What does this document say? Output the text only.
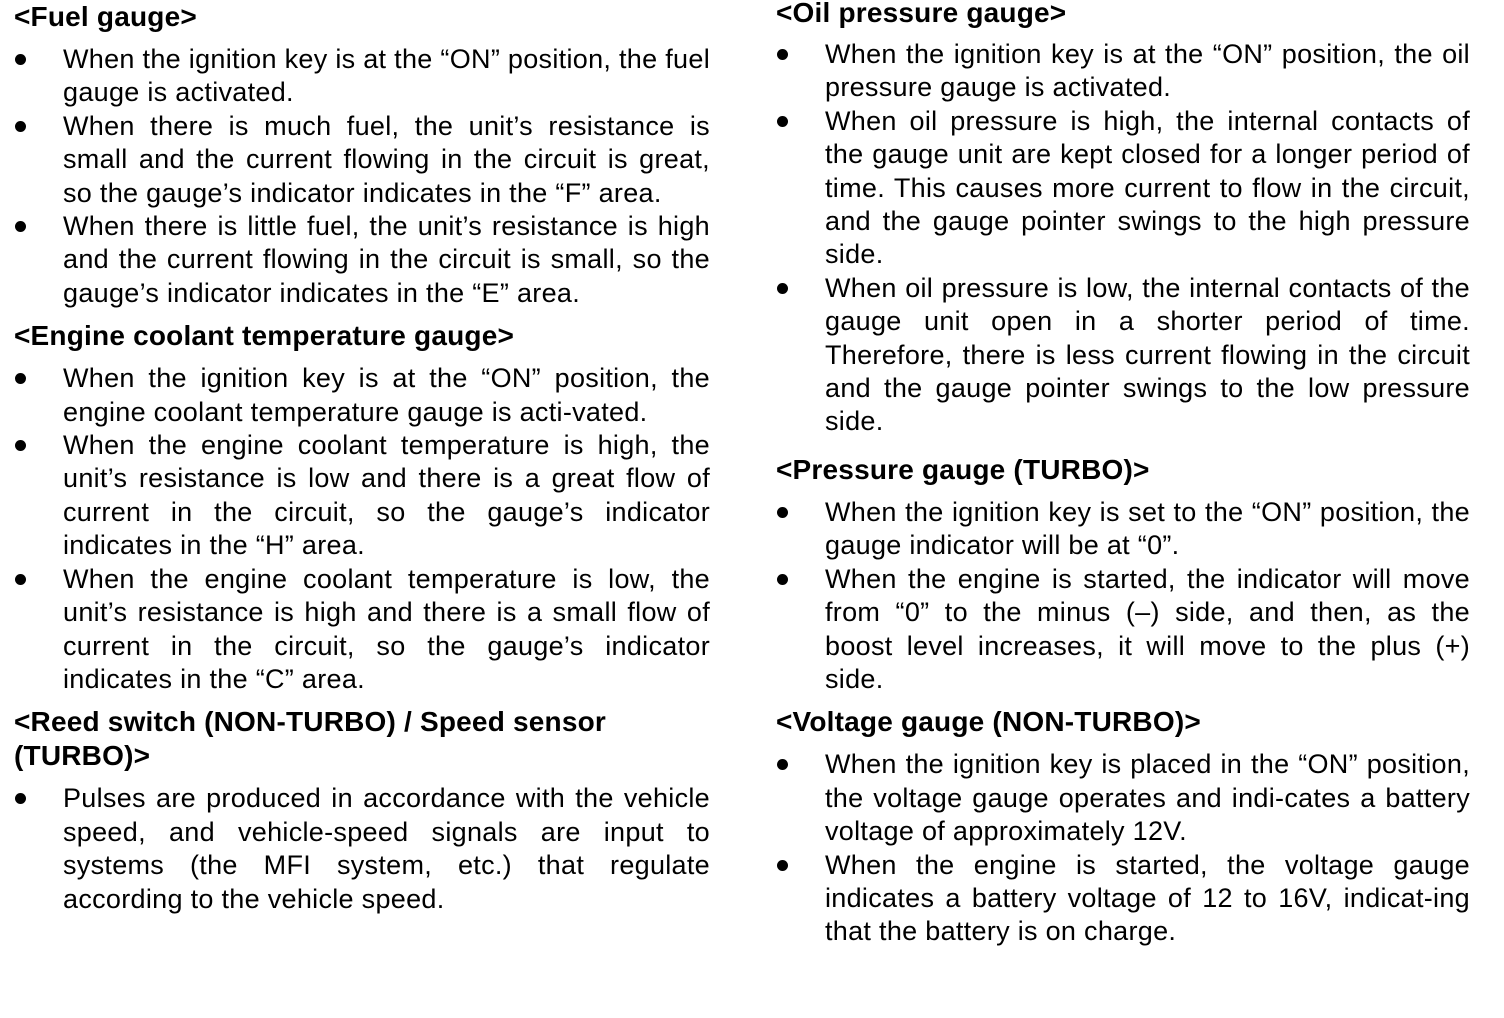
<Fuel gauge>
When the ignition key is at the “ON” position, the fuel gauge is activated.
When there is much fuel, the unit’s resistance is small and the current flowing in the circuit is great, so the gauge’s indicator indicates in the “F” area.
When there is little fuel, the unit’s resistance is high and the current flowing in the circuit is small, so the gauge’s indicator indicates in the “E” area.
<Engine coolant temperature gauge>
When the ignition key is at the “ON” position, the engine coolant temperature gauge is acti-vated.
When the engine coolant temperature is high, the unit’s resistance is low and there is a great flow of current in the circuit, so the gauge’s indicator indicates in the “H” area.
When the engine coolant temperature is low, the unit’s resistance is high and there is a small flow of current in the circuit, so the gauge’s indicator indicates in the “C” area.
<Reed switch (NON-TURBO) / Speed sensor (TURBO)>
Pulses are produced in accordance with the vehicle speed, and vehicle-speed signals are input to systems (the MFI system, etc.) that regulate according to the vehicle speed.
<Oil pressure gauge>
When the ignition key is at the “ON” position, the oil pressure gauge is activated.
When oil pressure is high, the internal contacts of the gauge unit are kept closed for a longer period of time. This causes more current to flow in the circuit, and the gauge pointer swings to the high pressure side.
When oil pressure is low, the internal contacts of the gauge unit open in a shorter period of time. Therefore, there is less current flowing in the circuit and the gauge pointer swings to the low pressure side.
<Pressure gauge (TURBO)>
When the ignition key is set to the “ON” position, the gauge indicator will be at “0”.
When the engine is started, the indicator will move from “0” to the minus (–) side, and then, as the boost level increases, it will move to the plus (+) side.
<Voltage gauge (NON-TURBO)>
When the ignition key is placed in the “ON” position, the voltage gauge operates and indi-cates a battery voltage of approximately 12V.
When the engine is started, the voltage gauge indicates a battery voltage of 12 to 16V, indicat-ing that the battery is on charge.
